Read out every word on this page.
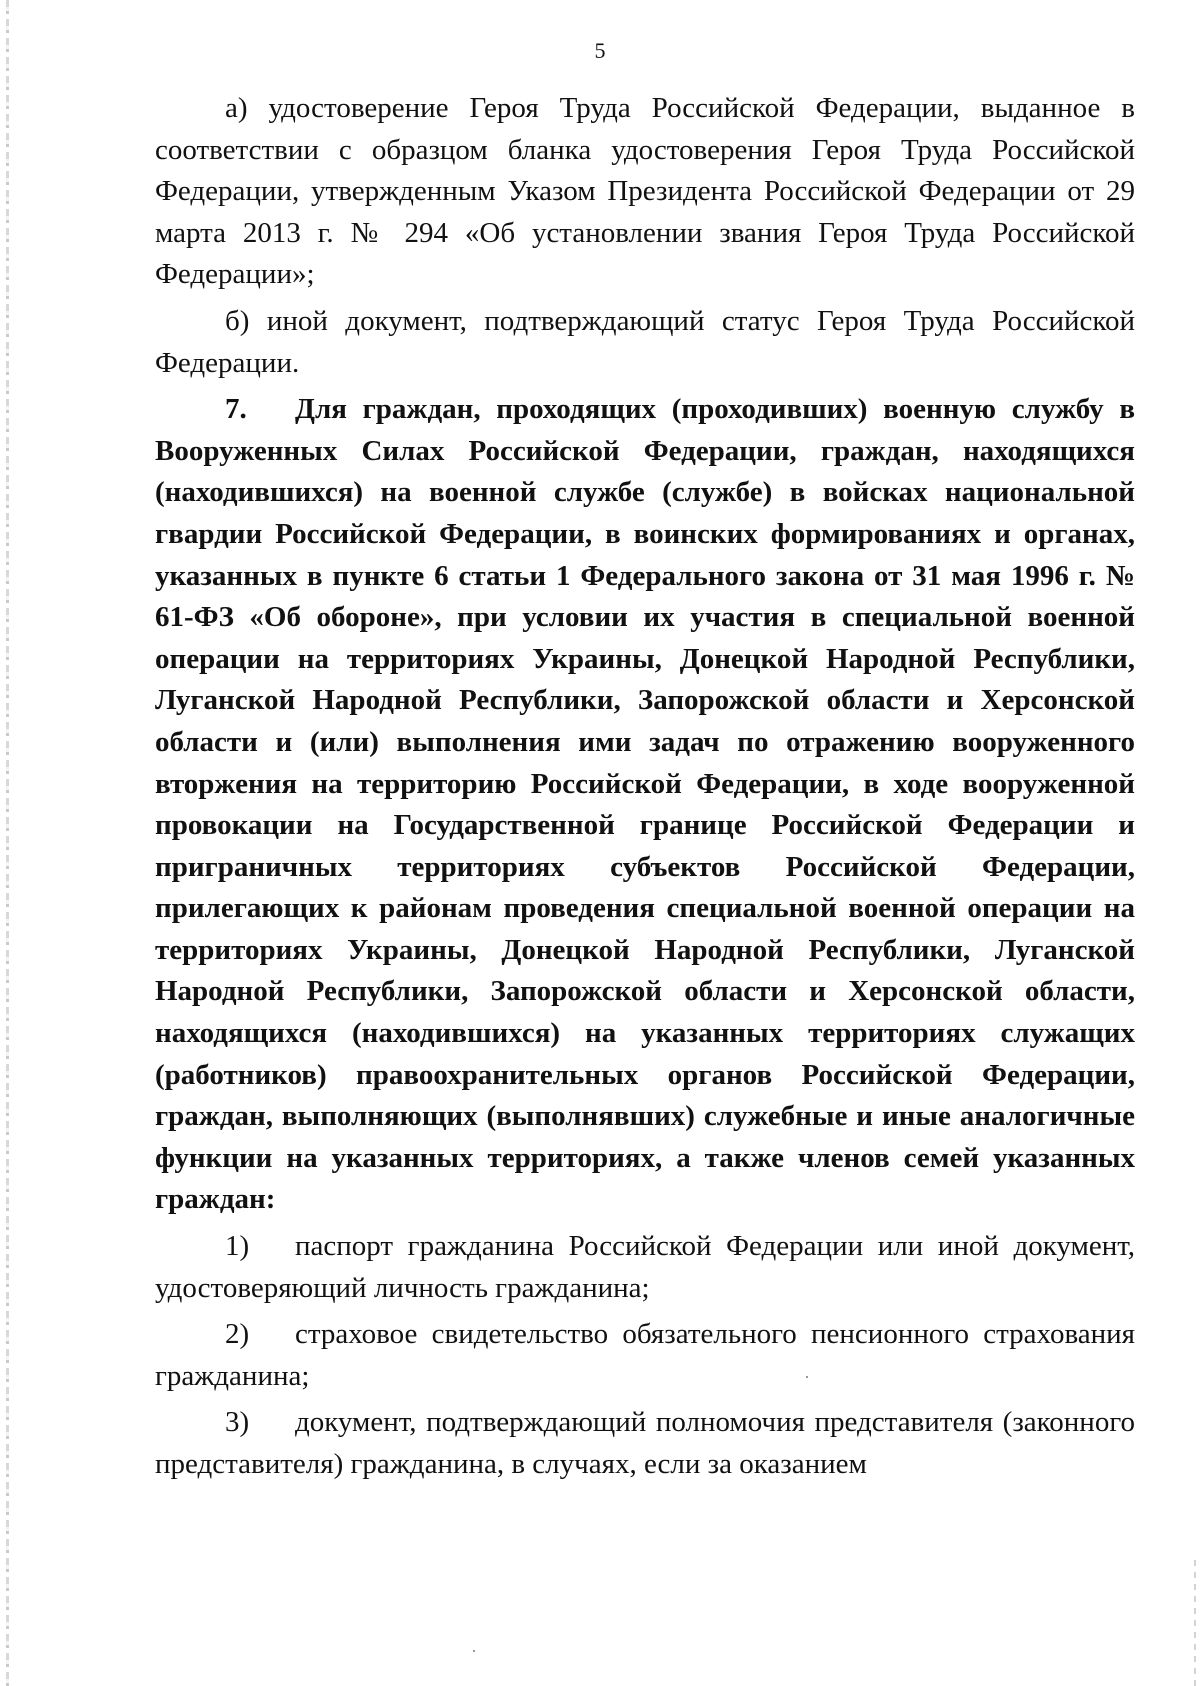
5

а) удостоверение Героя Труда Российской Федерации, выданное в соответствии с образцом бланка удостоверения Героя Труда Российской Федерации, утвержденным Указом Президента Российской Федерации от 29 марта 2013 г. № 294 «Об установлении звания Героя Труда Российской Федерации»;

б) иной документ, подтверждающий статус Героя Труда Российской Федерации.

7. Для граждан, проходящих (проходивших) военную службу в Вооруженных Силах Российской Федерации, граждан, находящихся (находившихся) на военной службе (службе) в войсках национальной гвардии Российской Федерации, в воинских формированиях и органах, указанных в пункте 6 статьи 1 Федерального закона от 31 мая 1996 г. № 61-ФЗ «Об обороне», при условии их участия в специальной военной операции на территориях Украины, Донецкой Народной Республики, Луганской Народной Республики, Запорожской области и Херсонской области и (или) выполнения ими задач по отражению вооруженного вторжения на территорию Российской Федерации, в ходе вооруженной провокации на Государственной границе Российской Федерации и приграничных территориях субъектов Российской Федерации, прилегающих к районам проведения специальной военной операции на территориях Украины, Донецкой Народной Республики, Луганской Народной Республики, Запорожской области и Херсонской области, находящихся (находившихся) на указанных территориях служащих (работников) правоохранительных органов Российской Федерации, граждан, выполняющих (выполнявших) служебные и иные аналогичные функции на указанных территориях, а также членов семей указанных граждан:

1) паспорт гражданина Российской Федерации или иной документ, удостоверяющий личность гражданина;

2) страховое свидетельство обязательного пенсионного страхования гражданина;

3) документ, подтверждающий полномочия представителя (законного представителя) гражданина, в случаях, если за оказанием
